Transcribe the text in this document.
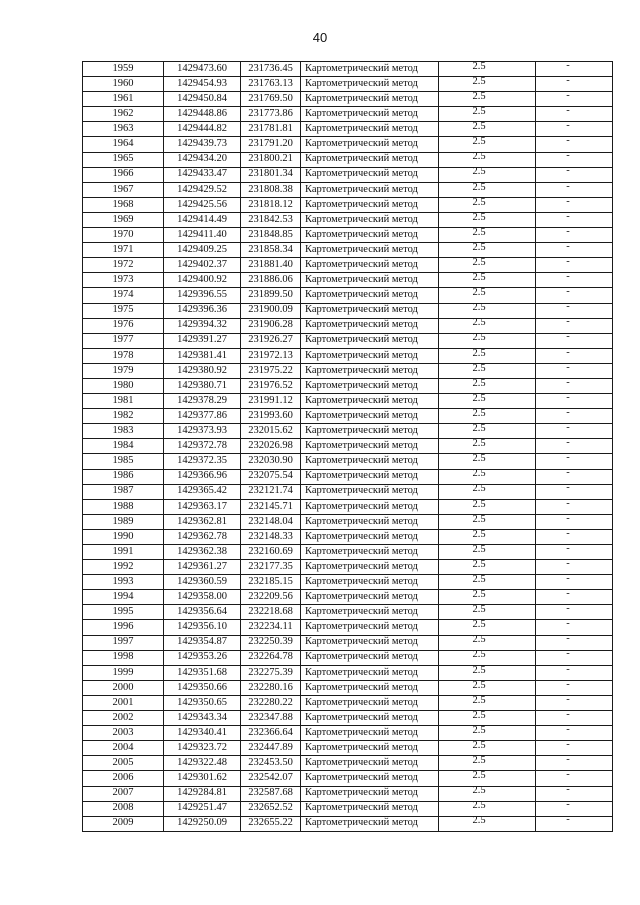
40
1959	1429473.60	231736.45	Картометрический метод	2.5	-
1960	1429454.93	231763.13	Картометрический метод	2.5	-
1961	1429450.84	231769.50	Картометрический метод	2.5	-
1962	1429448.86	231773.86	Картометрический метод	2.5	-
1963	1429444.82	231781.81	Картометрический метод	2.5	-
1964	1429439.73	231791.20	Картометрический метод	2.5	-
1965	1429434.20	231800.21	Картометрический метод	2.5	-
1966	1429433.47	231801.34	Картометрический метод	2.5	-
1967	1429429.52	231808.38	Картометрический метод	2.5	-
1968	1429425.56	231818.12	Картометрический метод	2.5	-
1969	1429414.49	231842.53	Картометрический метод	2.5	-
1970	1429411.40	231848.85	Картометрический метод	2.5	-
1971	1429409.25	231858.34	Картометрический метод	2.5	-
1972	1429402.37	231881.40	Картометрический метод	2.5	-
1973	1429400.92	231886.06	Картометрический метод	2.5	-
1974	1429396.55	231899.50	Картометрический метод	2.5	-
1975	1429396.36	231900.09	Картометрический метод	2.5	-
1976	1429394.32	231906.28	Картометрический метод	2.5	-
1977	1429391.27	231926.27	Картометрический метод	2.5	-
1978	1429381.41	231972.13	Картометрический метод	2.5	-
1979	1429380.92	231975.22	Картометрический метод	2.5	-
1980	1429380.71	231976.52	Картометрический метод	2.5	-
1981	1429378.29	231991.12	Картометрический метод	2.5	-
1982	1429377.86	231993.60	Картометрический метод	2.5	-
1983	1429373.93	232015.62	Картометрический метод	2.5	-
1984	1429372.78	232026.98	Картометрический метод	2.5	-
1985	1429372.35	232030.90	Картометрический метод	2.5	-
1986	1429366.96	232075.54	Картометрический метод	2.5	-
1987	1429365.42	232121.74	Картометрический метод	2.5	-
1988	1429363.17	232145.71	Картометрический метод	2.5	-
1989	1429362.81	232148.04	Картометрический метод	2.5	-
1990	1429362.78	232148.33	Картометрический метод	2.5	-
1991	1429362.38	232160.69	Картометрический метод	2.5	-
1992	1429361.27	232177.35	Картометрический метод	2.5	-
1993	1429360.59	232185.15	Картометрический метод	2.5	-
1994	1429358.00	232209.56	Картометрический метод	2.5	-
1995	1429356.64	232218.68	Картометрический метод	2.5	-
1996	1429356.10	232234.11	Картометрический метод	2.5	-
1997	1429354.87	232250.39	Картометрический метод	2.5	-
1998	1429353.26	232264.78	Картометрический метод	2.5	-
1999	1429351.68	232275.39	Картометрический метод	2.5	-
2000	1429350.66	232280.16	Картометрический метод	2.5	-
2001	1429350.65	232280.22	Картометрический метод	2.5	-
2002	1429343.34	232347.88	Картометрический метод	2.5	-
2003	1429340.41	232366.64	Картометрический метод	2.5	-
2004	1429323.72	232447.89	Картометрический метод	2.5	-
2005	1429322.48	232453.50	Картометрический метод	2.5	-
2006	1429301.62	232542.07	Картометрический метод	2.5	-
2007	1429284.81	232587.68	Картометрический метод	2.5	-
2008	1429251.47	232652.52	Картометрический метод	2.5	-
2009	1429250.09	232655.22	Картометрический метод	2.5	-
